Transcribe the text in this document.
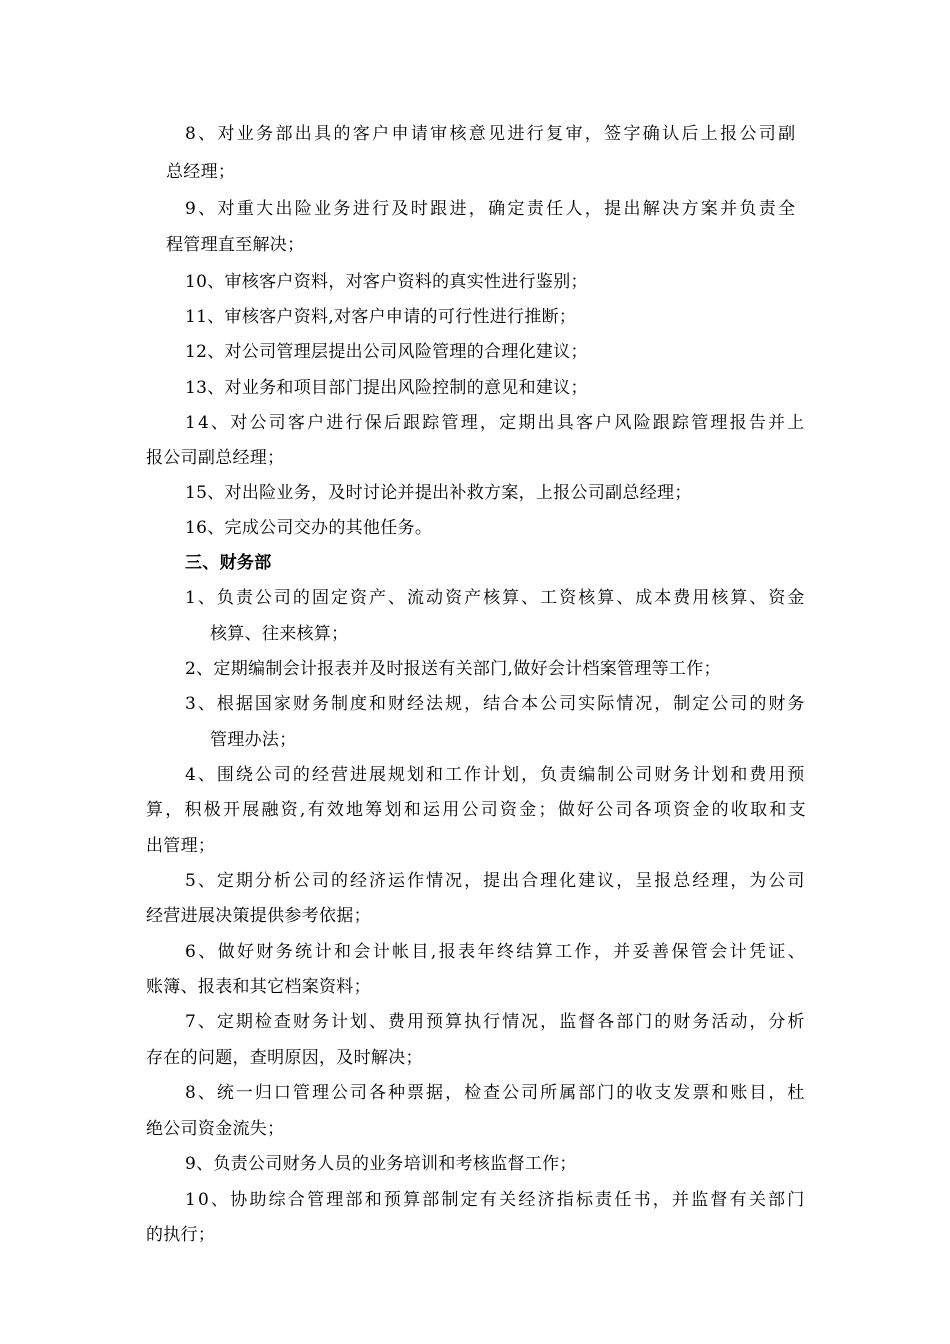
8、对业务部出具的客户申请审核意见进行复审，签字确认后上报公司副
总经理；
9、对重大出险业务进行及时跟进，确定责任人，提出解决方案并负责全
程管理直至解决；
10、审核客户资料，对客户资料的真实性进行鉴别；
11、审核客户资料,对客户申请的可行性进行推断；
12、对公司管理层提出公司风险管理的合理化建议；
13、对业务和项目部门提出风险控制的意见和建议；
14、对公司客户进行保后跟踪管理，定期出具客户风险跟踪管理报告并上
报公司副总经理；
15、对出险业务，及时讨论并提出补救方案，上报公司副总经理；
16、完成公司交办的其他任务。
三、财务部
1、负责公司的固定资产、流动资产核算、工资核算、成本费用核算、资金
核算、往来核算；
2、定期编制会计报表并及时报送有关部门,做好会计档案管理等工作；
3、根据国家财务制度和财经法规，结合本公司实际情况，制定公司的财务
管理办法；
4、围绕公司的经营进展规划和工作计划，负责编制公司财务计划和费用预
算，积极开展融资,有效地筹划和运用公司资金；做好公司各项资金的收取和支
出管理；
5、定期分析公司的经济运作情况，提出合理化建议，呈报总经理，为公司
经营进展决策提供参考依据；
6、做好财务统计和会计帐目,报表年终结算工作，并妥善保管会计凭证、
账簿、报表和其它档案资料；
7、定期检查财务计划、费用预算执行情况，监督各部门的财务活动，分析
存在的问题，查明原因，及时解决；
8、统一归口管理公司各种票据，检查公司所属部门的收支发票和账目，杜
绝公司资金流失；
9、负责公司财务人员的业务培训和考核监督工作；
10、协助综合管理部和预算部制定有关经济指标责任书，并监督有关部门
的执行；
